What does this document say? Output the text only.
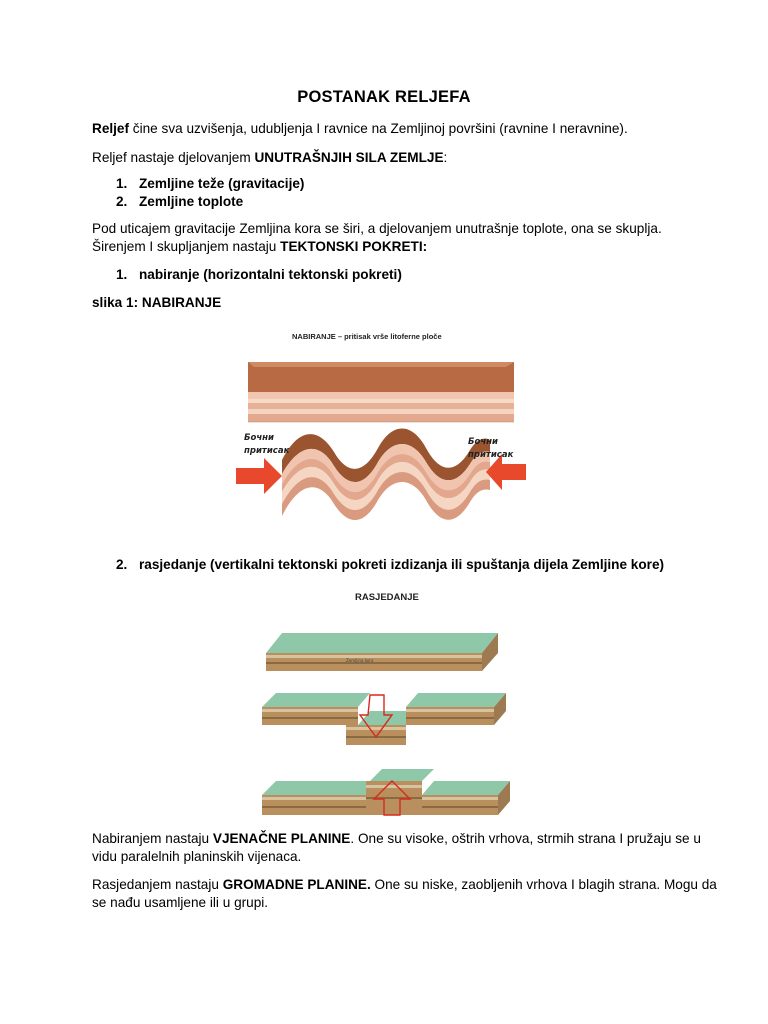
POSTANAK RELJEFA
Reljef čine sva uzvišenja, udubljenja I ravnice na Zemljinoj površini (ravnine I neravnine).
Reljef nastaje djelovanjem UNUTRAŠNJIH SILA ZEMLJE:
1. Zemljine teže (gravitacije)
2. Zemljine toplote
Pod uticajem gravitacije Zemljina kora se širi, a djelovanjem unutrašnje toplote, ona se skuplja.
Širenjem I skupljanjem nastaju TEKTONSKI POKRETI:
1. nabiranje (horizontalni tektonski pokreti)
slika 1: NABIRANJE
NABIRANJE – pritisak vrše litoferne ploče
Бочни
притисак
Бочни
притисак
2. rasjedanje (vertikalni tektonski pokreti izdizanja ili spuštanja dijela Zemljine kore)
RASJEDANJE
Zemljina kora
Nabiranjem nastaju VJENAČNE PLANINE. One su visoke, oštrih vrhova, strmih strana I pružaju se u
vidu paralelnih planinskih vijenaca.
Rasjedanjem nastaju GROMADNE PLANINE. One su niske, zaobljenih vrhova I blagih strana. Mogu da
se nađu usamljene ili u grupi.
